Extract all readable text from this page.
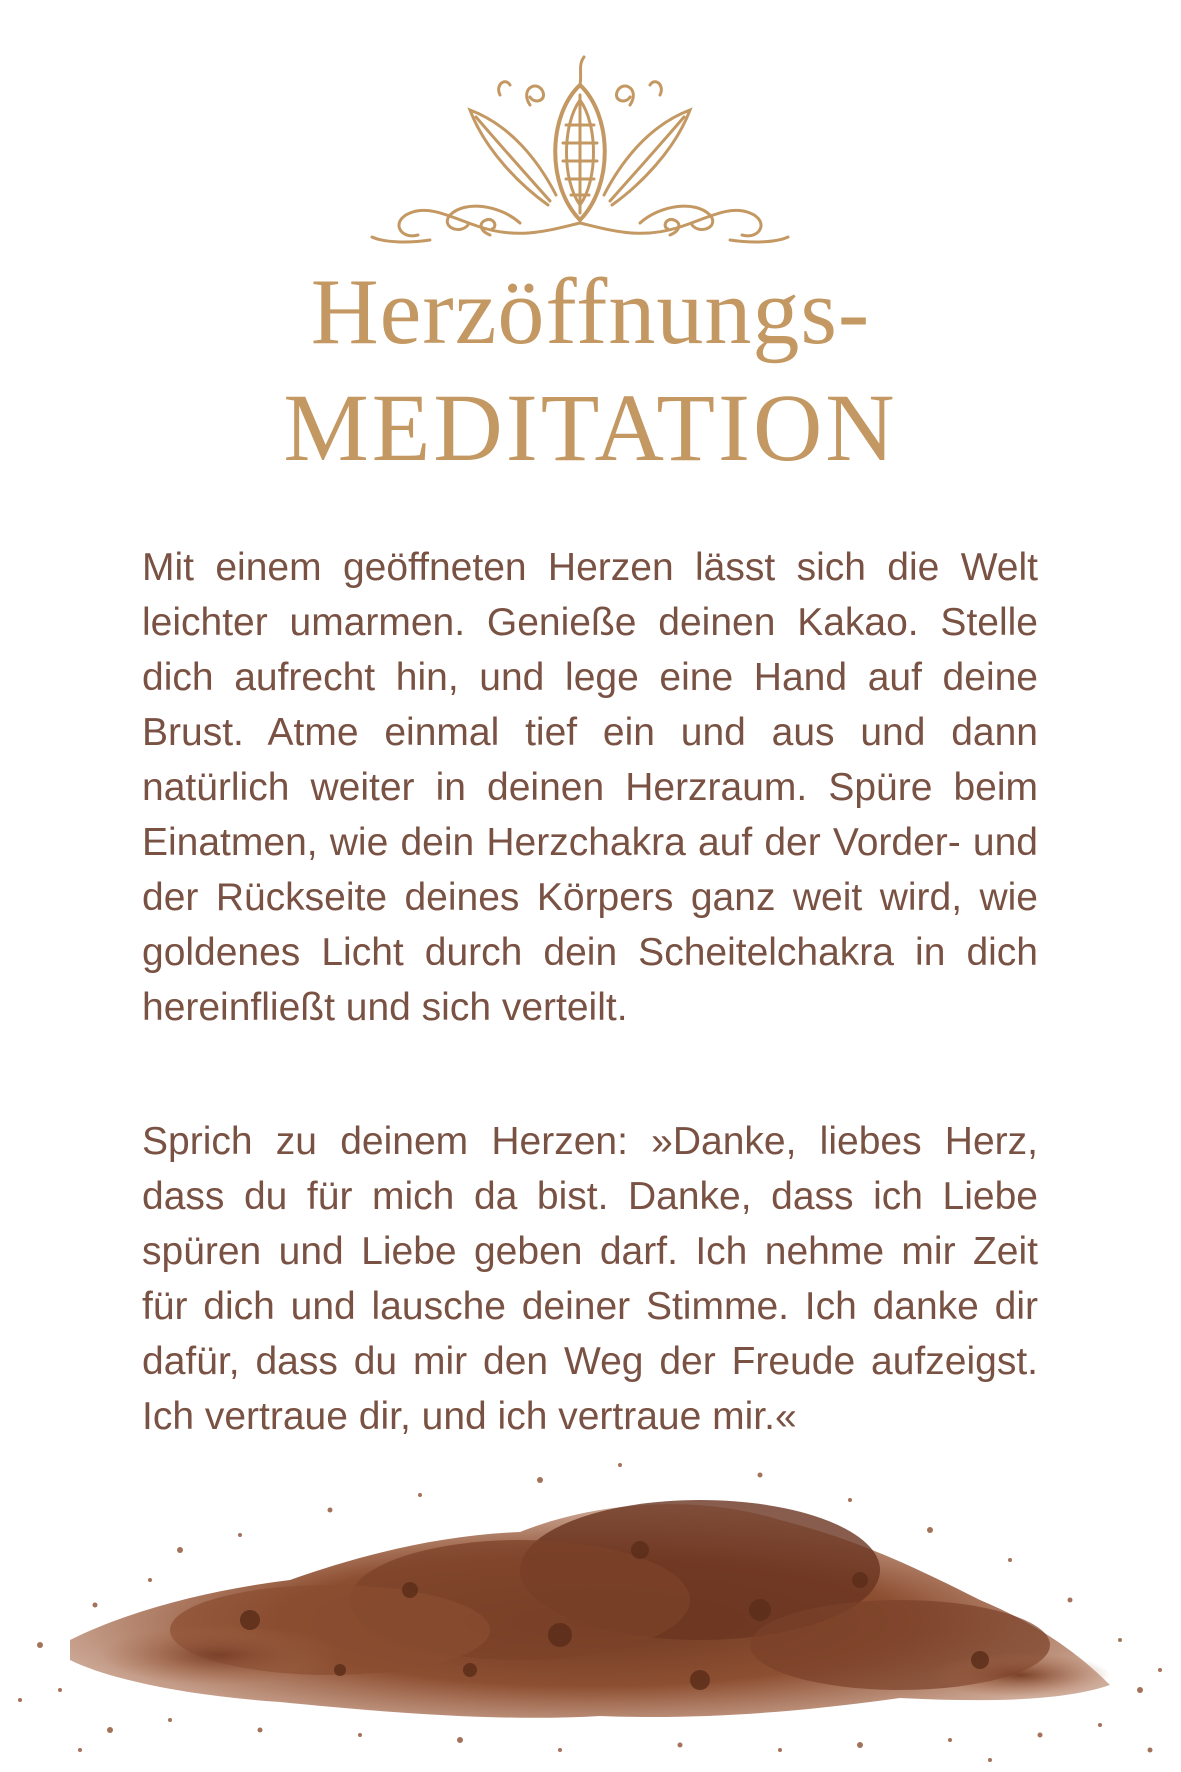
Herzöffnungs-
MEDITATION

Mit einem geöffneten Herzen lässt sich die Welt leichter umarmen. Genieße deinen Kakao. Stelle dich aufrecht hin, und lege eine Hand auf deine Brust. Atme einmal tief ein und aus und dann natürlich weiter in deinen Herzraum. Spüre beim Einatmen, wie dein Herzchakra auf der Vorder- und der Rückseite deines Körpers ganz weit wird, wie goldenes Licht durch dein Scheitelchakra in dich hereinfließt und sich verteilt.

Sprich zu deinem Herzen: »Danke, liebes Herz, dass du für mich da bist. Danke, dass ich Liebe spüren und Liebe geben darf. Ich nehme mir Zeit für dich und lausche deiner Stimme. Ich danke dir dafür, dass du mir den Weg der Freude aufzeigst. Ich vertraue dir, und ich vertraue mir.«
